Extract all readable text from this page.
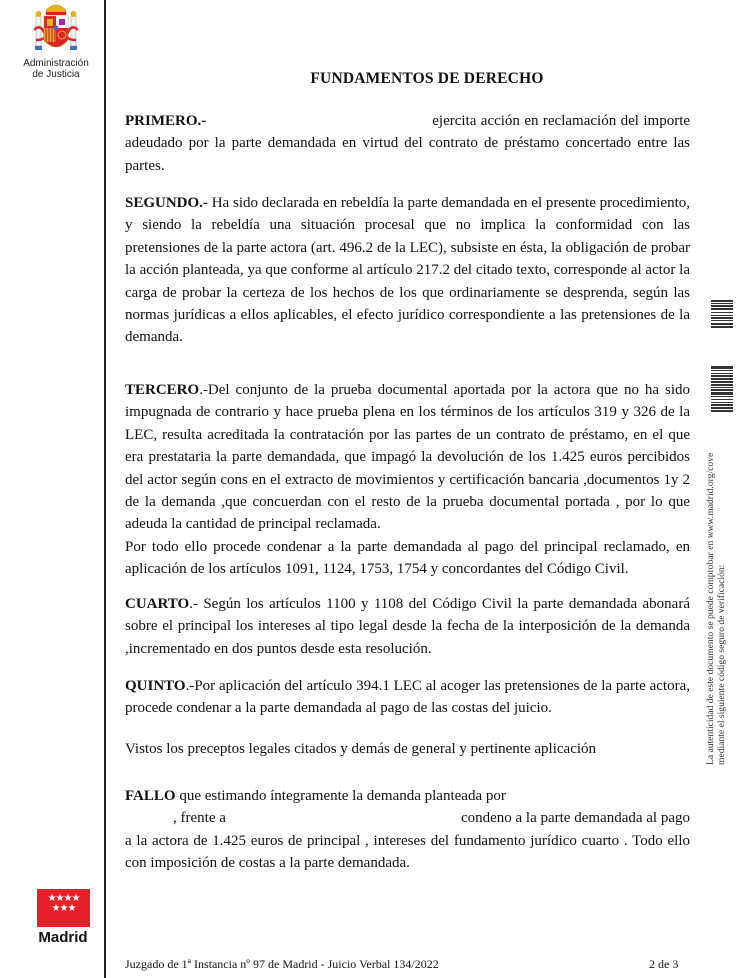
Administración
de Justicia	FUNDAMENTOS DE DERECHO
PRIMERO.-	ejercita acción en reclamación del importe adeudado por la parte demandada en virtud del contrato de préstamo concertado entre las partes.
SEGUNDO.- Ha sido declarada en rebeldía la parte demandada en el presente procedimiento, y siendo la rebeldía una situación procesal que no implica la conformidad con las pretensiones de la parte actora (art. 496.2 de la LEC), subsiste en ésta, la obligación de probar la acción planteada, ya que conforme al artículo 217.2 del citado texto, corresponde al actor la carga de probar la certeza de los hechos de los que ordinariamente se desprenda, según las normas jurídicas a ellos aplicables, el efecto jurídico correspondiente a las pretensiones de la demanda.
TERCERO.-Del conjunto de la prueba documental aportada por la actora que no ha sido impugnada de contrario y hace prueba plena en los términos de los artículos 319 y 326 de la LEC, resulta acreditada la contratación por las partes de un contrato de préstamo, en el que era prestataria la parte demandada, que impagó la devolución de los 1.425 euros percibidos del actor según cons en el extracto de movimientos y certificación bancaria ,documentos 1y 2 de la demanda ,que concuerdan con el resto de la prueba documental portada , por lo que adeuda la cantidad de principal reclamada.
Por todo ello procede condenar a la parte demandada al pago del principal reclamado, en aplicación de los artículos 1091, 1124, 1753, 1754 y concordantes del Código Civil.
CUARTO.- Según los artículos 1100 y 1108 del Código Civil la parte demandada abonará sobre el principal los intereses al tipo legal desde la fecha de la interposición de la demanda ,incrementado en dos puntos desde esta resolución.
QUINTO.-Por aplicación del artículo 394.1 LEC al acoger las pretensiones de la parte actora, procede condenar a la parte demandada al pago de las costas del juicio.
Vistos los preceptos legales citados y demás de general y pertinente aplicación
FALLO que estimando íntegramente la demanda planteada por
, frente a	condeno a la parte demandada al pago
a la actora de 1.425 euros de principal , intereses del fundamento jurídico cuarto . Todo ello con imposición de costas a la parte demandada.
La autenticidad de este documento se puede comprobar en www.madrid.org/cove mediante el siguiente código seguro de verificación:
★★★★
★★★
Madrid
Juzgado de 1ª Instancia nº 97 de Madrid - Juicio Verbal 134/2022	2 de 3
